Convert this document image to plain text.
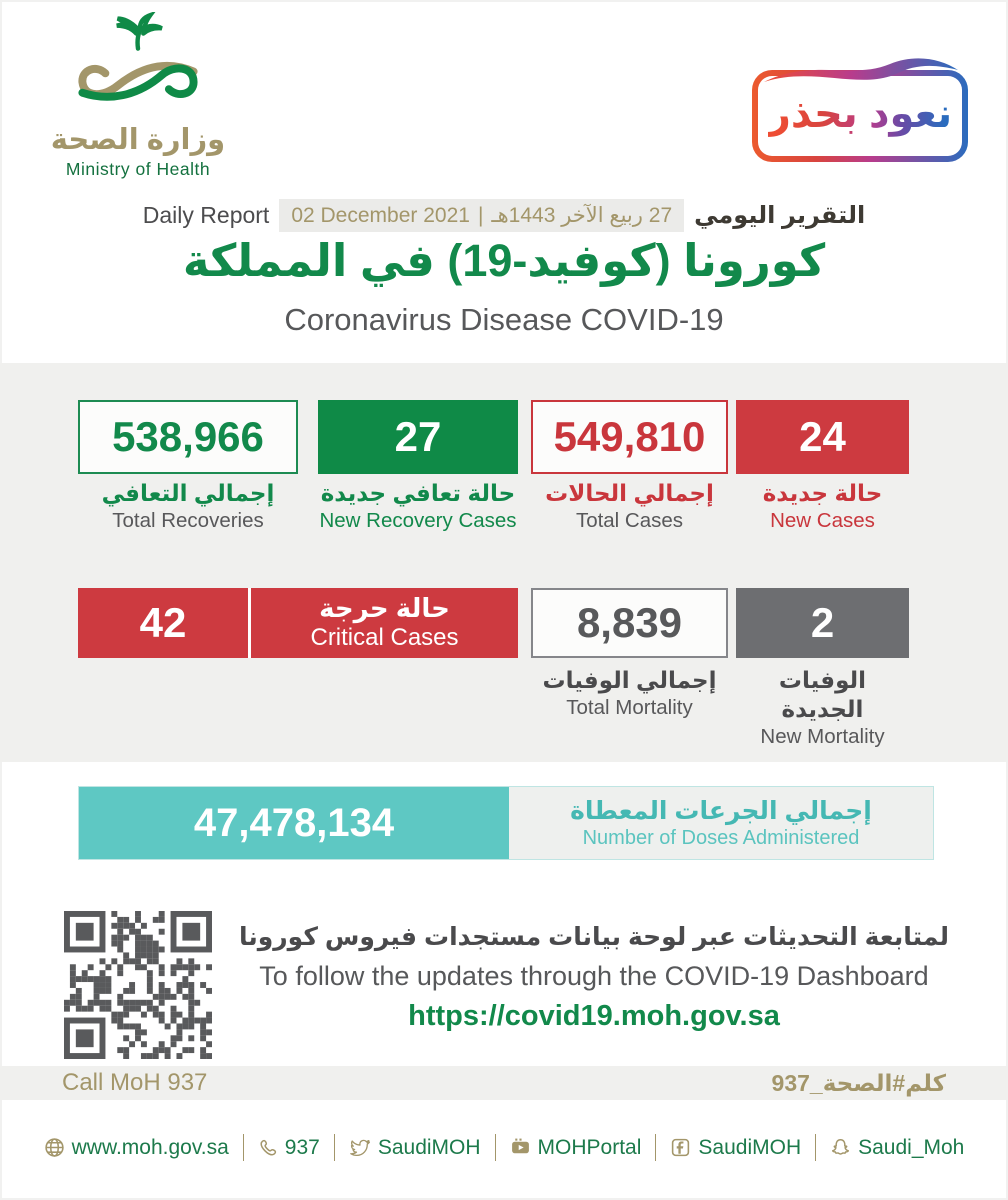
وزارة الصحة
Ministry of Health
نعود بحذر
Daily Report 02 December 2021 | 27 ربيع الآخر 1443هـ التقرير اليومي
كورونا (كوفيد-19) في المملكة
Coronavirus Disease COVID-19
538,966	27	549,810	24
إجمالي التعافي
Total Recoveries
حالة تعافي جديدة
New Recovery Cases
إجمالي الحالات
Total Cases
حالة جديدة
New Cases
42	حالة حرجة
Critical Cases	8,839	2
إجمالي الوفيات
Total Mortality
الوفيات الجديدة
New Mortality
47,478,134	إجمالي الجرعات المعطاة
Number of Doses Administered
لمتابعة التحديثات عبر لوحة بيانات مستجدات فيروس كورونا
To follow the updates through the COVID-19 Dashboard
https://covid19.moh.gov.sa
Call MoH 937	كلم#الصحة_937
www.moh.gov.sa	937	SaudiMOH	MOHPortal	SaudiMOH	Saudi_Moh
